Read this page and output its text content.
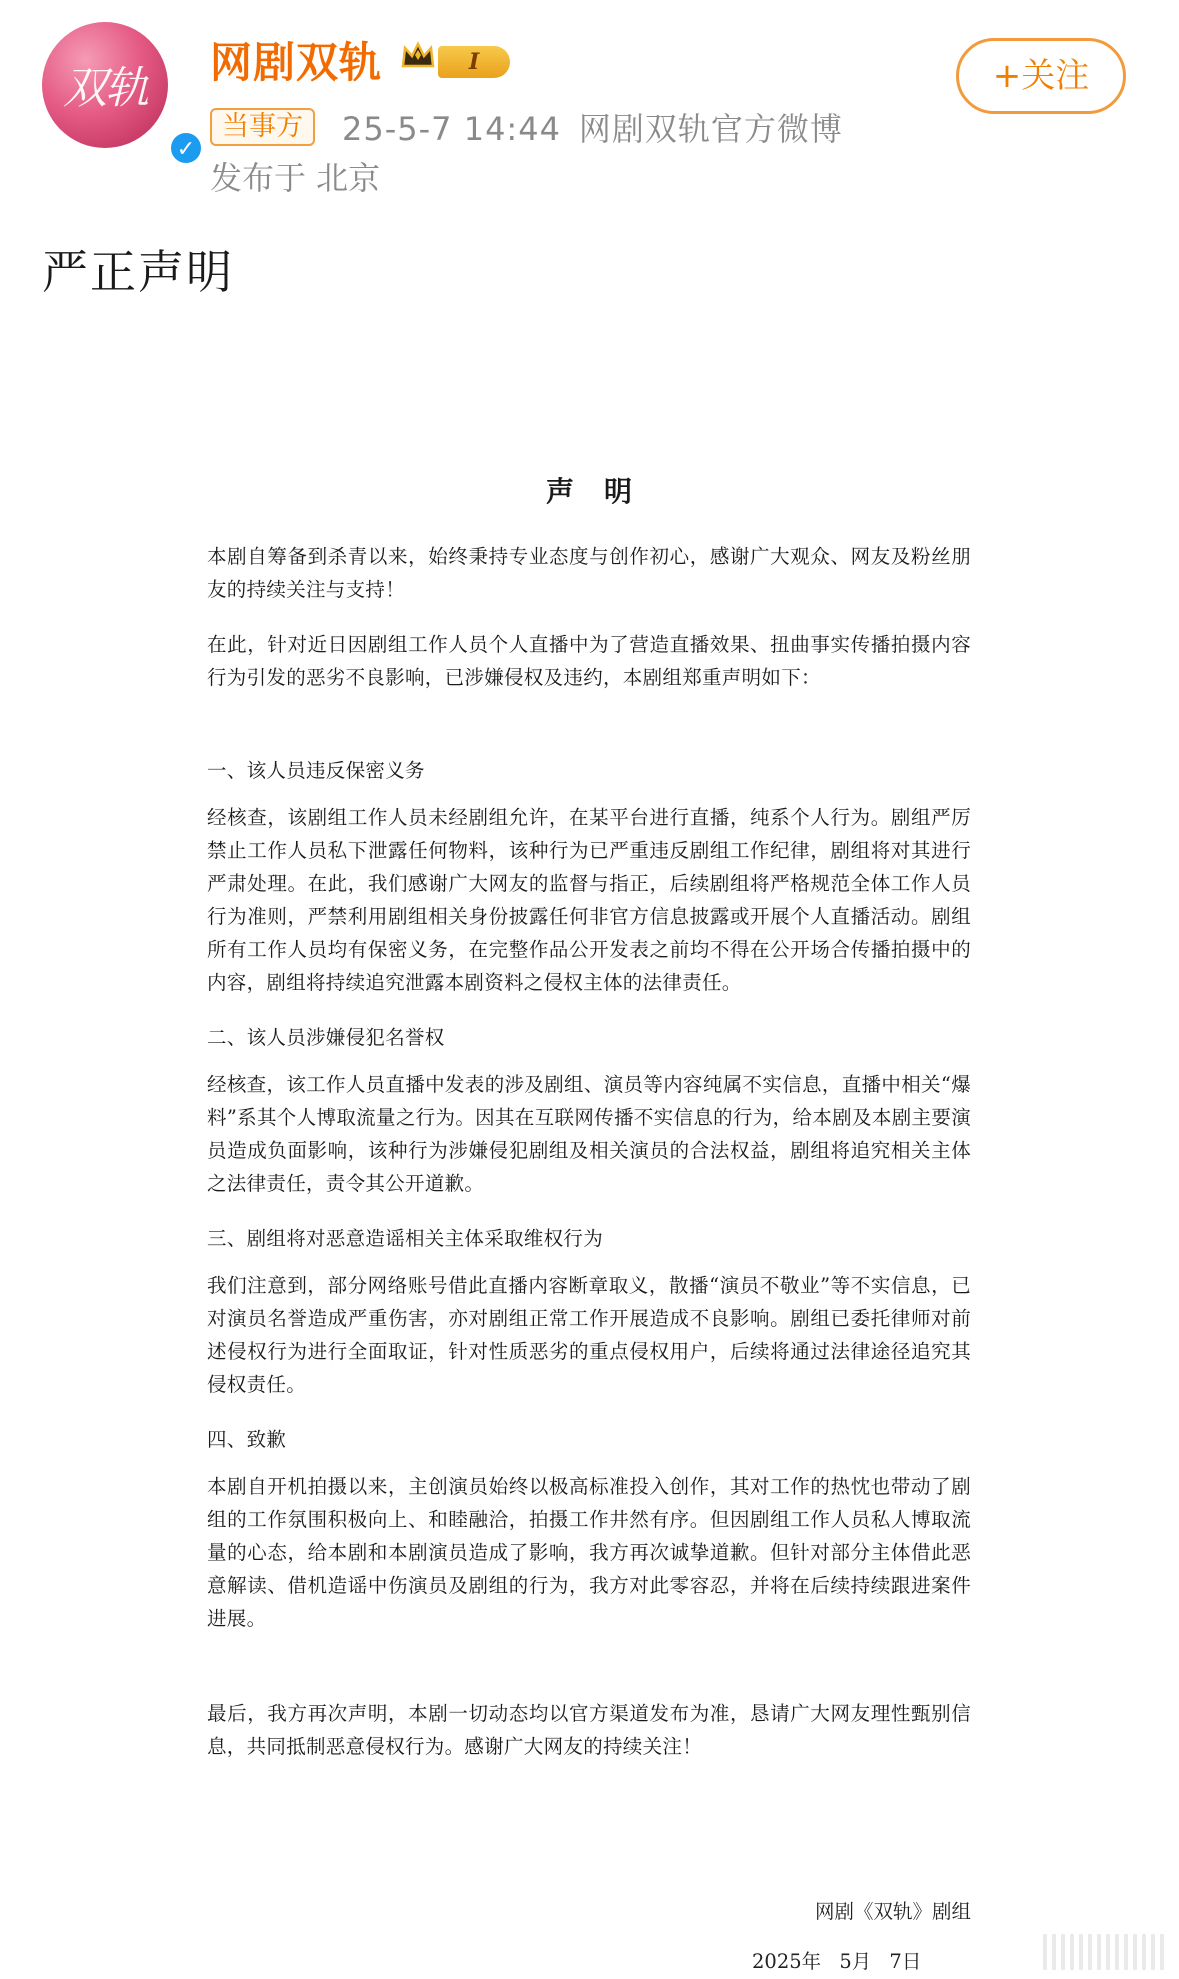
双轨
✓
网剧双轨	I
当事方	25-5-7 14:44 网剧双轨官方微博
发布于 北京
+关注
严正声明
声明

本剧自筹备到杀青以来，始终秉持专业态度与创作初心，感谢广大观众、网友及粉丝朋友的持续关注与支持！

在此，针对近日因剧组工作人员个人直播中为了营造直播效果、扭曲事实传播拍摄内容行为引发的恶劣不良影响，已涉嫌侵权及违约，本剧组郑重声明如下：

一、该人员违反保密义务

经核查，该剧组工作人员未经剧组允许，在某平台进行直播，纯系个人行为。剧组严厉禁止工作人员私下泄露任何物料，该种行为已严重违反剧组工作纪律，剧组将对其进行严肃处理。在此，我们感谢广大网友的监督与指正，后续剧组将严格规范全体工作人员行为准则，严禁利用剧组相关身份披露任何非官方信息披露或开展个人直播活动。剧组所有工作人员均有保密义务，在完整作品公开发表之前均不得在公开场合传播拍摄中的内容，剧组将持续追究泄露本剧资料之侵权主体的法律责任。

二、该人员涉嫌侵犯名誉权

经核查，该工作人员直播中发表的涉及剧组、演员等内容纯属不实信息，直播中相关“爆料”系其个人博取流量之行为。因其在互联网传播不实信息的行为，给本剧及本剧主要演员造成负面影响，该种行为涉嫌侵犯剧组及相关演员的合法权益，剧组将追究相关主体之法律责任，责令其公开道歉。

三、剧组将对恶意造谣相关主体采取维权行为

我们注意到，部分网络账号借此直播内容断章取义，散播“演员不敬业”等不实信息，已对演员名誉造成严重伤害，亦对剧组正常工作开展造成不良影响。剧组已委托律师对前述侵权行为进行全面取证，针对性质恶劣的重点侵权用户，后续将通过法律途径追究其侵权责任。

四、致歉

本剧自开机拍摄以来，主创演员始终以极高标准投入创作，其对工作的热忱也带动了剧组的工作氛围积极向上、和睦融洽，拍摄工作井然有序。但因剧组工作人员私人博取流量的心态，给本剧和本剧演员造成了影响，我方再次诚挚道歉。但针对部分主体借此恶意解读、借机造谣中伤演员及剧组的行为，我方对此零容忍，并将在后续持续跟进案件进展。

最后，我方再次声明，本剧一切动态均以官方渠道发布为准，恳请广大网友理性甄别信息，共同抵制恶意侵权行为。感谢广大网友的持续关注！

网剧《双轨》剧组
2025年 5月 7日
